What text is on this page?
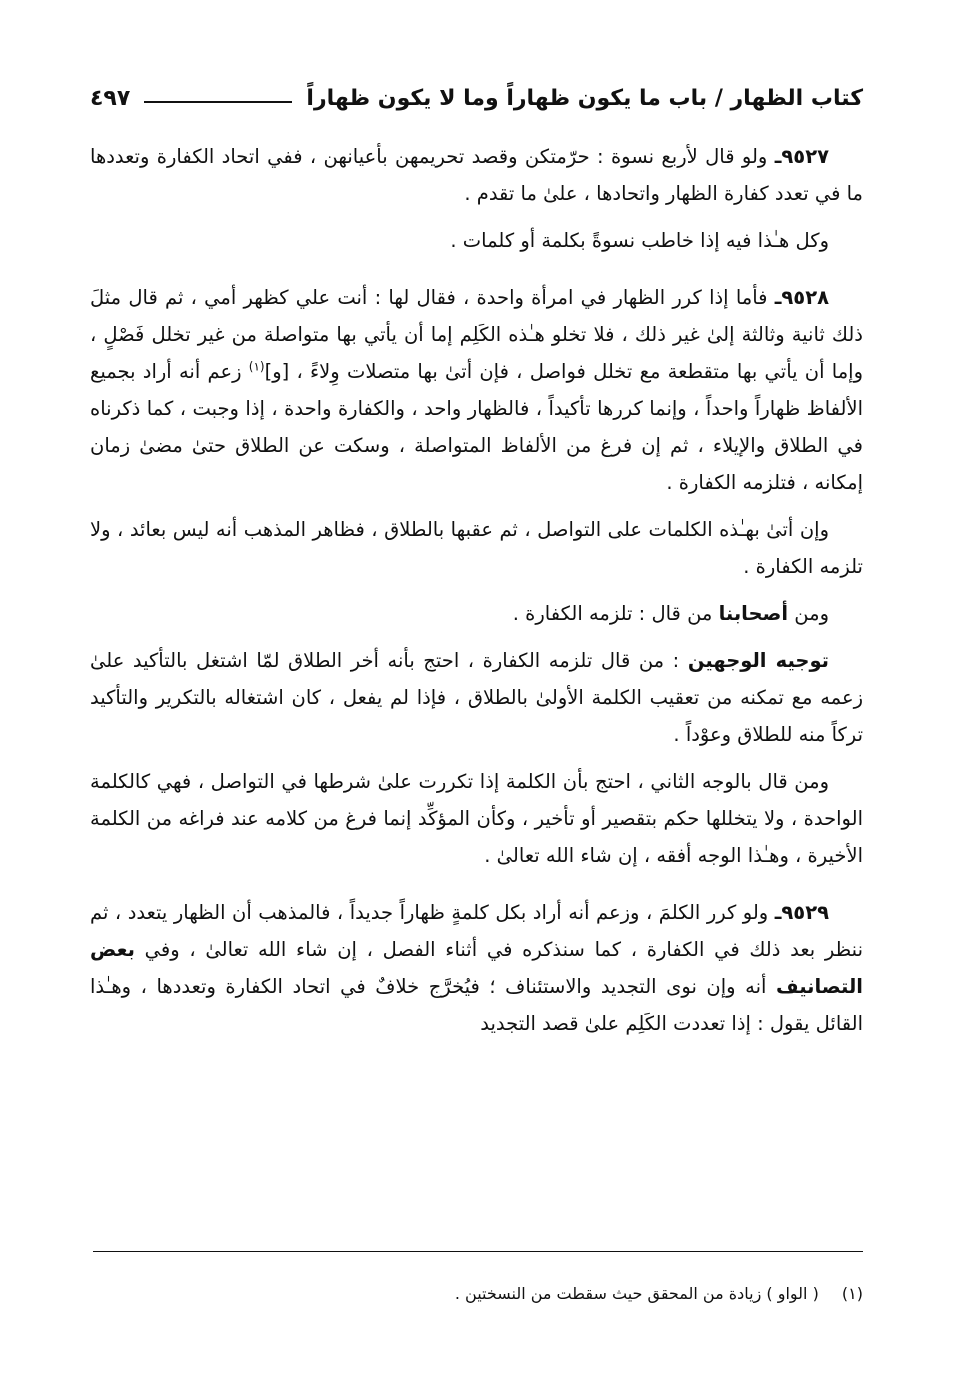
كتاب الظهار / باب ما يكون ظهاراً وما لا يكون ظهاراً
٤٩٧

٩٥٢٧ـ ولو قال لأربع نسوة : حرّمتكن وقصد تحريمهن بأعيانهن ، ففي اتحاد الكفارة وتعددها ما في تعدد كفارة الظهار واتحادها ، علىٰ ما تقدم .

وكل هـٰذا فيه إذا خاطب نسوةً بكلمة أو كلمات .

٩٥٢٨ـ فأما إذا كرر الظهار في امرأة واحدة ، فقال لها : أنت علي كظهر أمي ، ثم قال مثلَ ذلك ثانية وثالثة إلىٰ غير ذلك ، فلا تخلو هـٰذه الكَلِم إما أن يأتي بها متواصلة من غير تخلل فَصْلٍ ، وإما أن يأتي بها متقطعة مع تخلل فواصل ، فإن أتىٰ بها متصلات وِلاءً ، [و]$^{(١)}$ زعم أنه أراد بجميع الألفاظ ظهاراً واحداً ، وإنما كررها تأكيداً ، فالظهار واحد ، والكفارة واحدة ، إذا وجبت ، كما ذكرناه في الطلاق والإيلاء ، ثم إن فرغ من الألفاظ المتواصلة ، وسكت عن الطلاق حتىٰ مضىٰ زمان إمكانه ، فتلزمه الكفارة .

وإن أتىٰ بهـٰذه الكلمات على التواصل ، ثم عقبها بالطلاق ، فظاهر المذهب أنه ليس بعائد ، ولا تلزمه الكفارة .

ومن أصحابنا من قال : تلزمه الكفارة .

توجيه الوجهين : من قال تلزمه الكفارة ، احتج بأنه أخر الطلاق لمّا اشتغل بالتأكيد علىٰ زعمه مع تمكنه من تعقيب الكلمة الأولىٰ بالطلاق ، فإذا لم يفعل ، كان اشتغاله بالتكرير والتأكيد تركاً منه للطلاق وعوْداً .

ومن قال بالوجه الثاني ، احتج بأن الكلمة إذا تكررت علىٰ شرطها في التواصل ، فهي كالكلمة الواحدة ، ولا يتخللها حكم بتقصير أو تأخير ، وكأن المؤكِّد إنما فرغ من كلامه عند فراغه من الكلمة الأخيرة ، وهـٰذا الوجه أفقه ، إن شاء الله تعالىٰ .

٩٥٢٩ـ ولو كرر الكلمَ ، وزعم أنه أراد بكل كلمةٍ ظهاراً جديداً ، فالمذهب أن الظهار يتعدد ، ثم ننظر بعد ذلك في الكفارة ، كما سنذكره في أثناء الفصل ، إن شاء الله تعالىٰ ، وفي بعض التصانيف أنه وإن نوى التجديد والاستئناف ؛ فيُخرَّج خلافٌ في اتحاد الكفارة وتعددها ، وهـٰذا القائل يقول : إذا تعددت الكَلِم علىٰ قصد التجديد

(١) ( الواو ) زيادة من المحقق حيث سقطت من النسختين .
